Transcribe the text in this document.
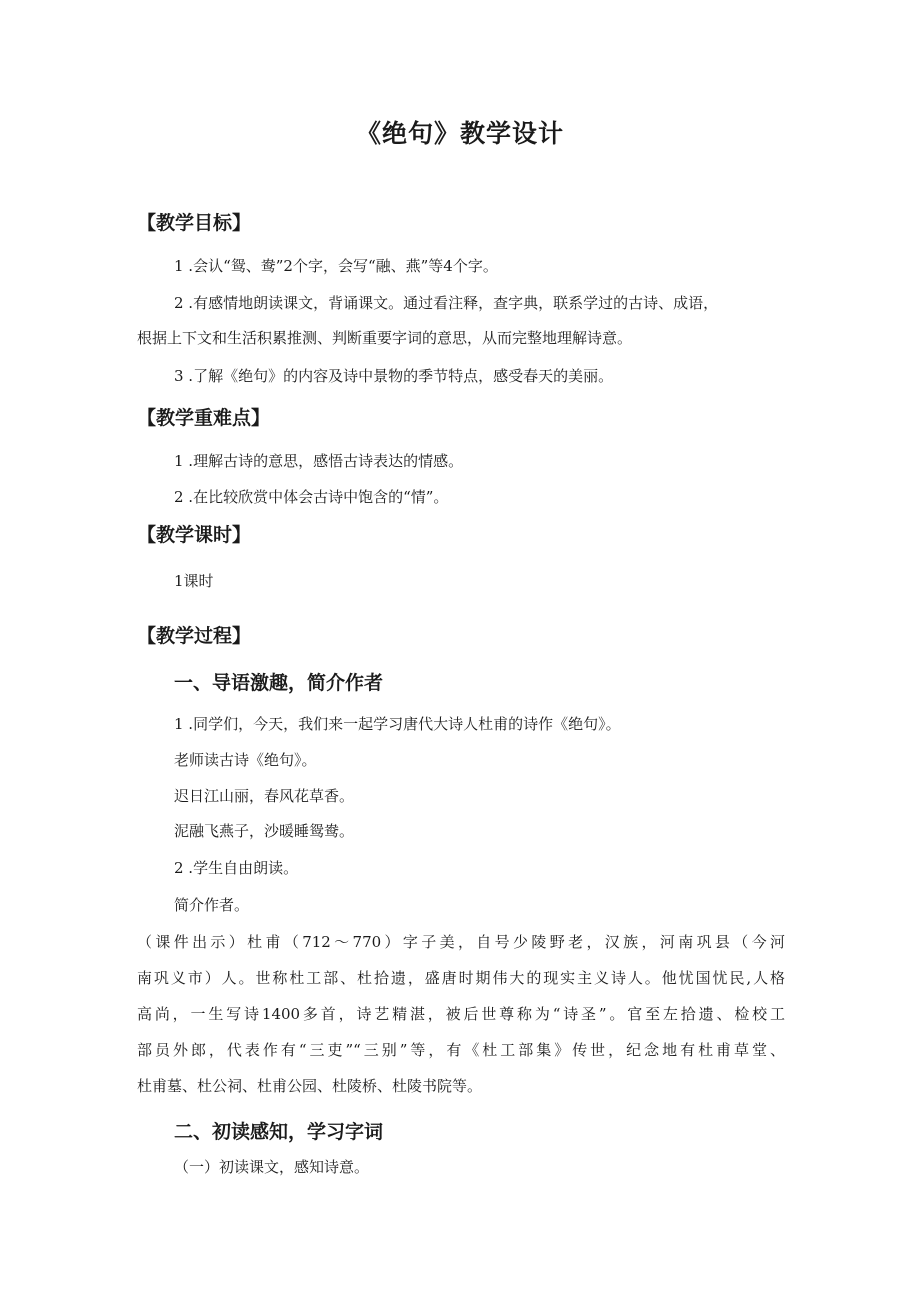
《绝句》教学设计
【教学目标】
1 .会认“鸳、鸯”2个字，会写“融、燕”等4个字。
2 .有感情地朗读课文，背诵课文。通过看注释，查字典，联系学过的古诗、成语，
根据上下文和生活积累推测、判断重要字词的意思，从而完整地理解诗意。
3 .了解《绝句》的内容及诗中景物的季节特点，感受春天的美丽。
【教学重难点】
1 .理解古诗的意思，感悟古诗表达的情感。
2 .在比较欣赏中体会古诗中饱含的“情”。
【教学课时】
1课时
【教学过程】
一、导语激趣，简介作者
1 .同学们，今天，我们来一起学习唐代大诗人杜甫的诗作《绝句》。
老师读古诗《绝句》。
迟日江山丽，春风花草香。
泥融飞燕子，沙暖睡鸳鸯。
2 .学生自由朗读。
简介作者。
（课件出示）杜甫（712～770）字子美，自号少陵野老，汉族，河南巩县（今河
南巩义市）人。世称杜工部、杜拾遗，盛唐时期伟大的现实主义诗人。他忧国忧民,人格
高尚，一生写诗1400多首，诗艺精湛，被后世尊称为“诗圣”。官至左拾遗、检校工
部员外郎，代表作有“三吏”“三别”等，有《杜工部集》传世，纪念地有杜甫草堂、
杜甫墓、杜公祠、杜甫公园、杜陵桥、杜陵书院等。
二、初读感知，学习字词
（一）初读课文，感知诗意。
